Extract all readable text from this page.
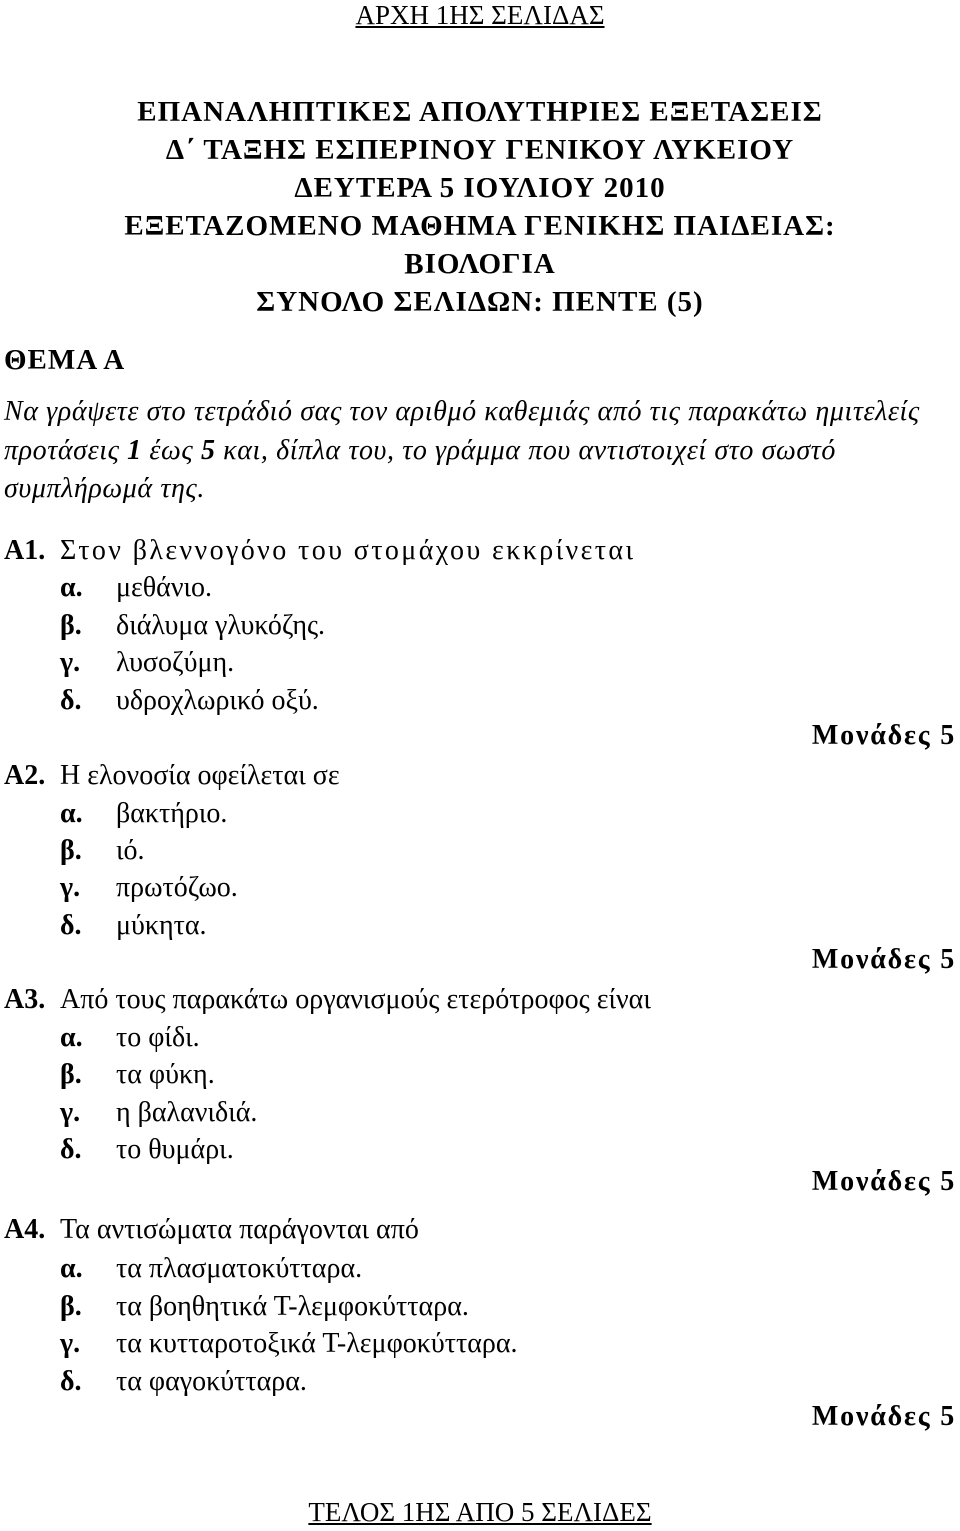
ΑΡΧΗ 1ΗΣ ΣΕΛΙΔΑΣ
ΕΠΑΝΑΛΗΠΤΙΚΕΣ ΑΠΟΛΥΤΗΡΙΕΣ ΕΞΕΤΑΣΕΙΣ
Δ΄ ΤΑΞΗΣ ΕΣΠΕΡΙΝΟΥ ΓΕΝΙΚΟΥ ΛΥΚΕΙΟΥ
ΔΕΥΤΕΡΑ 5 ΙΟΥΛΙΟΥ 2010
ΕΞΕΤΑΖΟΜΕΝΟ ΜΑΘΗΜΑ ΓΕΝΙΚΗΣ ΠΑΙΔΕΙΑΣ:
ΒΙΟΛΟΓΙΑ
ΣΥΝΟΛΟ ΣΕΛΙΔΩΝ: ΠΕΝΤΕ (5)
ΘΕΜΑ Α
Να γράψετε στο τετράδιό σας τον αριθμό καθεμιάς από τις παρακάτω ημιτελείς προτάσεις 1 έως 5 και, δίπλα του, το γράμμα που αντιστοιχεί στο σωστό συμπλήρωμά της.
Α1. Στον βλεννογόνο του στομάχου εκκρίνεται
α. μεθάνιο.
β. διάλυμα γλυκόζης.
γ. λυσοζύμη.
δ. υδροχλωρικό οξύ.
Μονάδες 5
Α2. Η ελονοσία οφείλεται σε
α. βακτήριο.
β. ιό.
γ. πρωτόζωο.
δ. μύκητα.
Μονάδες 5
Α3. Από τους παρακάτω οργανισμούς ετερότροφος είναι
α. το φίδι.
β. τα φύκη.
γ. η βαλανιδιά.
δ. το θυμάρι.
Μονάδες 5
Α4. Τα αντισώματα παράγονται από
α. τα πλασματοκύτταρα.
β. τα βοηθητικά Τ-λεμφοκύτταρα.
γ. τα κυτταροτοξικά Τ-λεμφοκύτταρα.
δ. τα φαγοκύτταρα.
Μονάδες 5
ΤΕΛΟΣ 1ΗΣ ΑΠΟ 5 ΣΕΛΙΔΕΣ
